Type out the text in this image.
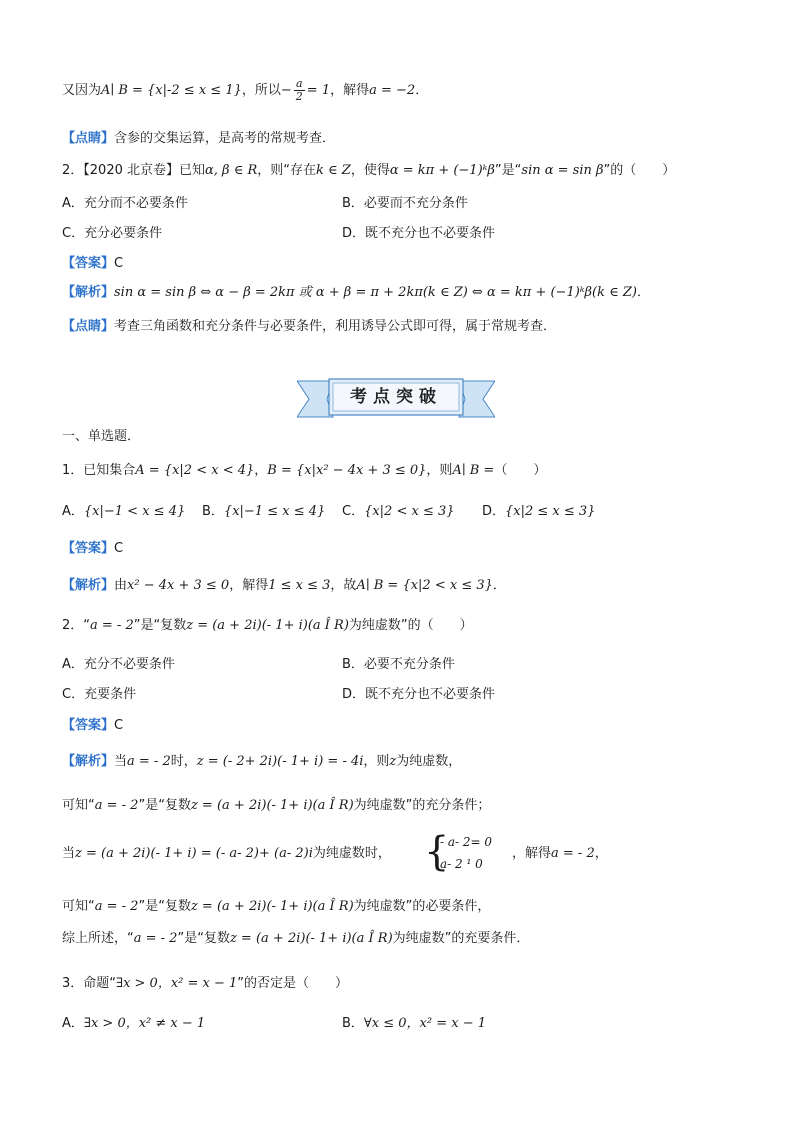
又因为A∣ B = {x|-2 ≤ x ≤ 1}，所以− $\frac{a}{2} = 1$，解得a = −2．
【点睛】含参的交集运算，是高考的常规考查．
2．【2020 北京卷】已知α, β ∈ R，则“存在k ∈ Z，使得α = kπ + (−1)ᵏβ”是“sin α = sin β”的（　　）
A．充分而不必要条件	B．必要而不充分条件
C．充分必要条件	D．既不充分也不必要条件
【答案】C
【解析】sin α = sin β ⇔ α − β = 2kπ 或 α + β = π + 2kπ(k ∈ Z) ⇔ α = kπ + (−1)ᵏβ(k ∈ Z)．
【点睛】考查三角函数和充分条件与必要条件，利用诱导公式即可得，属于常规考查．
考点突破
一、单选题．
1．已知集合A = {x|2 < x < 4}，B = {x|x² − 4x + 3 ≤ 0}，则A∣ B =（　　）
A．{x|−1 < x ≤ 4} B．{x|−1 ≤ x ≤ 4} C．{x|2 < x ≤ 3} D．{x|2 ≤ x ≤ 3}
【答案】C
【解析】由x² − 4x + 3 ≤ 0，解得1 ≤ x ≤ 3，故A∣ B = {x|2 < x ≤ 3}．
2．“a = - 2”是“复数z = (a + 2i)(- 1+ i)(a Î R)为纯虚数”的（　　）
A．充分不必要条件	B．必要不充分条件
C．充要条件	D．既不充分也不必要条件
【答案】C
【解析】当a = - 2时，z = (- 2+ 2i)(- 1+ i) = - 4i，则z为纯虚数，
可知“a = - 2”是“复数z = (a + 2i)(- 1+ i)(a Î R)为纯虚数”的充分条件；
当z = (a + 2i)(- 1+ i) = (- a- 2)+ (a- 2)i为纯虚数时， {
- a- 2= 0
a- 2 ¹ 0
，解得a = - 2，
可知“a = - 2”是“复数z = (a + 2i)(- 1+ i)(a Î R)为纯虚数”的必要条件，
综上所述，“a = - 2”是“复数z = (a + 2i)(- 1+ i)(a Î R)为纯虚数”的充要条件．
3．命题“∃x > 0，x² = x − 1”的否定是（　　）
A．∃x > 0，x² ≠ x − 1	B．∀x ≤ 0，x² = x − 1
